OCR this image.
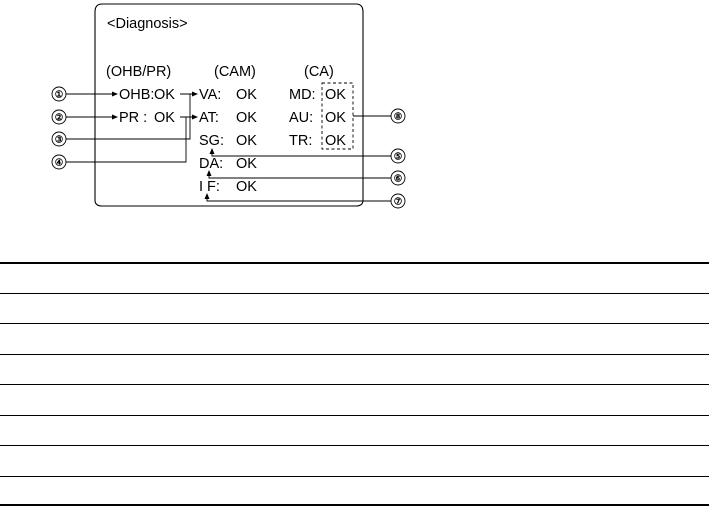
<Diagnosis>
(OHB/PR)	(CAM)	(CA)
OHB: OK
PR : OK
VA: OK
AT: OK
SG: OK
DA: OK
I F: OK
MD: OK
AU: OK
TR: OK
①
②
③
④
⑤
⑥
⑦
⑧
